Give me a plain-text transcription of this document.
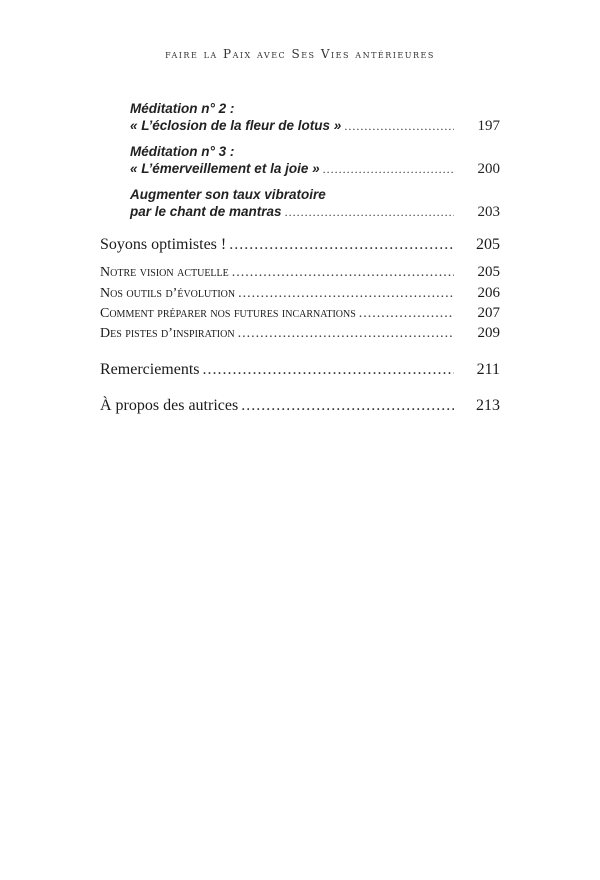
faire la Paix avec Ses Vies antérieures
Méditation n° 2 :
« L’éclosion de la fleur de lotus » .....	197
Méditation n° 3 :
« L’émerveillement et la joie » .....	200
Augmenter son taux vibratoire
par le chant de mantras .....	203
Soyons optimistes ! .....	205
Notre vision actuelle .....	205
Nos outils d’évolution .....	206
Comment préparer nos futures incarnations .....	207
Des pistes d’inspiration .....	209
Remerciements .....	211
À propos des autrices .....	213
